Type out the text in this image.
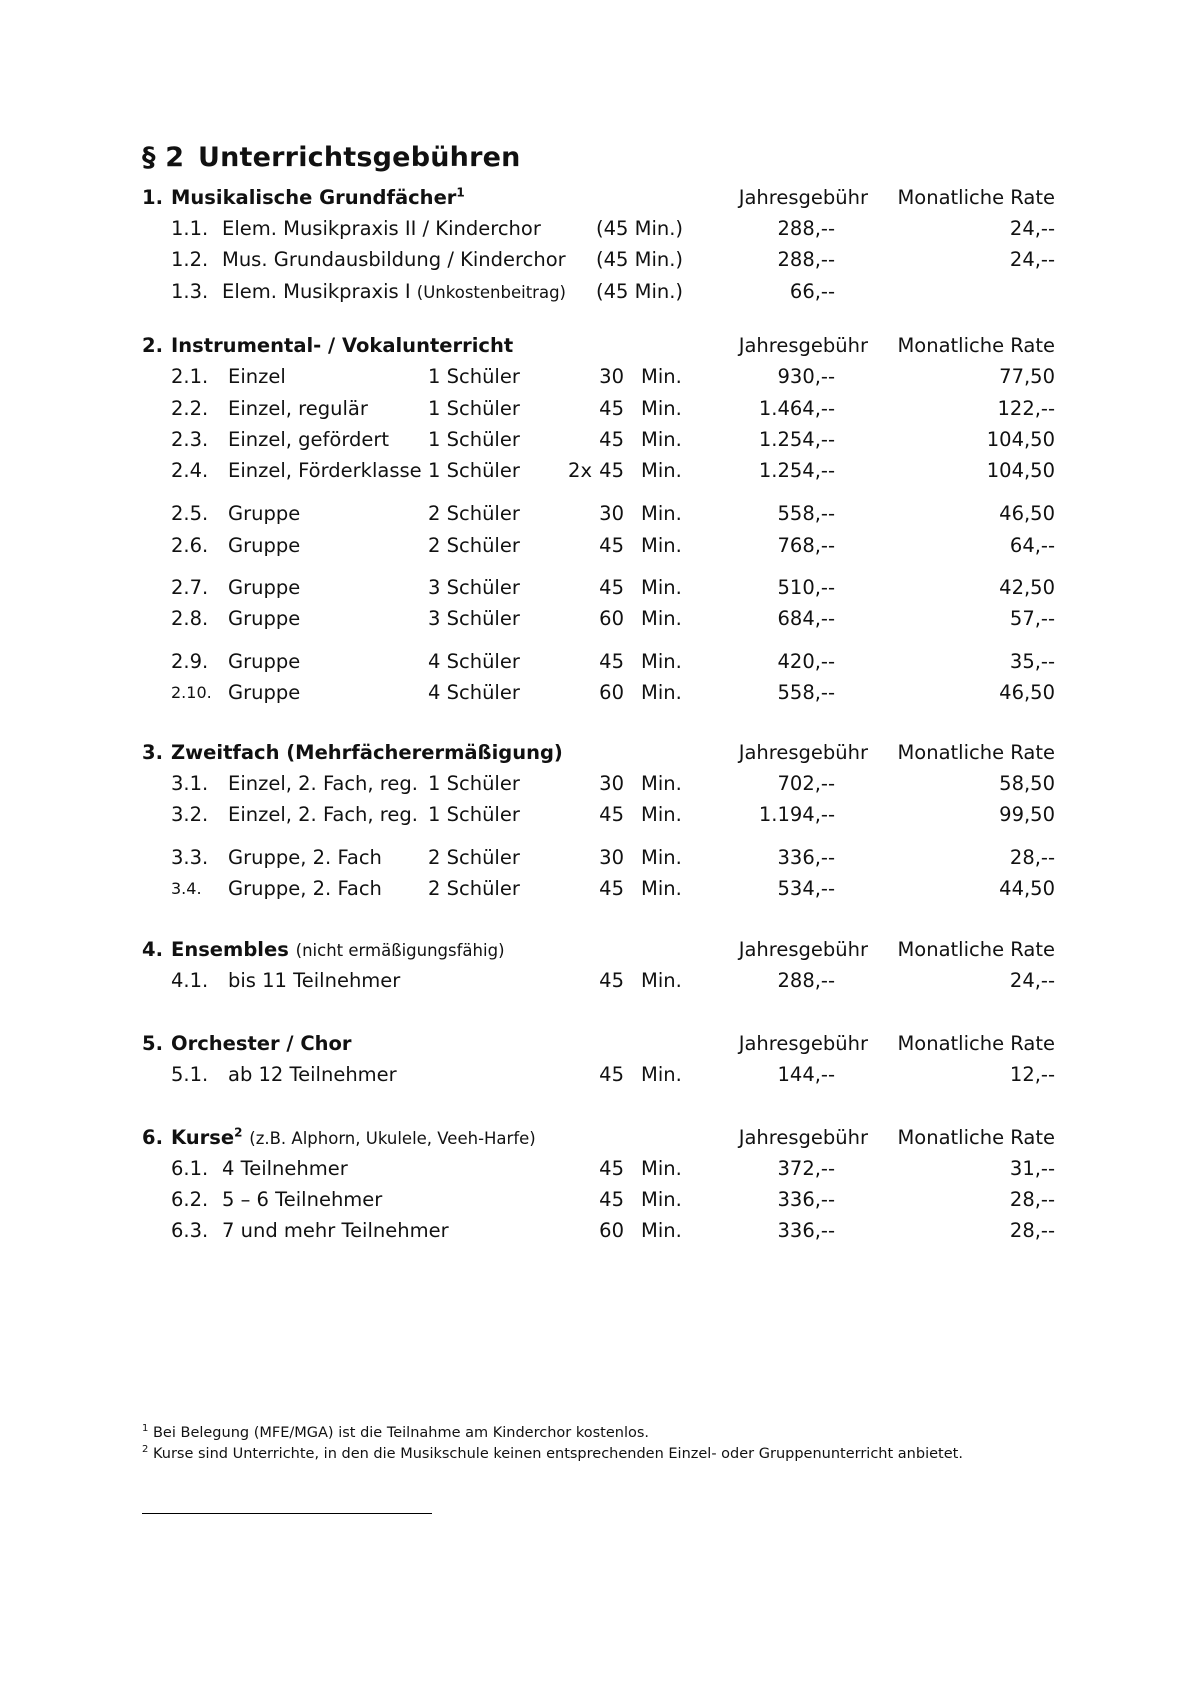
§ 2 Unterrichtsgebühren
1. Musikalische Grundfächer$^1$	Jahresgebühr	Monatliche Rate
1.1. Elem. Musikpraxis II / Kinderchor	(45 Min.)	288,--	24,--
1.2. Mus. Grundausbildung / Kinderchor (45 Min.)	288,--	24,--
1.3. Elem. Musikpraxis I (Unkostenbeitrag) (45 Min.)	66,--
2. Instrumental- / Vokalunterricht	Jahresgebühr	Monatliche Rate
2.1. Einzel	1 Schüler	30 Min.	930,--	77,50
2.2. Einzel, regulär	1 Schüler	45 Min.	1.464,--	122,--
2.3. Einzel, gefördert 1 Schüler	45 Min.	1.254,--	104,50
2.4. Einzel, Förderklasse 1 Schüler	2x 45 Min.	1.254,--	104,50
2.5. Gruppe	2 Schüler	30 Min.	558,--	46,50
2.6. Gruppe	2 Schüler	45 Min.	768,--	64,--
2.7. Gruppe	3 Schüler	45 Min.	510,--	42,50
2.8. Gruppe	3 Schüler	60 Min.	684,--	57,--
2.9. Gruppe	4 Schüler	45 Min.	420,--	35,--
2.10. Gruppe	4 Schüler	60 Min.	558,--	46,50
3. Zweitfach (Mehrfächerermäßigung)	Jahresgebühr	Monatliche Rate
3.1. Einzel, 2. Fach, reg. 1 Schüler	30 Min.	702,--	58,50
3.2. Einzel, 2. Fach, reg. 1 Schüler	45 Min.	1.194,--	99,50
3.3. Gruppe, 2. Fach 2 Schüler	30 Min.	336,--	28,--
3.4. Gruppe, 2. Fach 2 Schüler	45 Min.	534,--	44,50
4. Ensembles (nicht ermäßigungsfähig)	Jahresgebühr	Monatliche Rate
4.1. bis 11 Teilnehmer	45 Min.	288,--	24,--
5. Orchester / Chor	Jahresgebühr	Monatliche Rate
5.1. ab 12 Teilnehmer	45 Min.	144,--	12,--
6. Kurse$^2$ (z.B. Alphorn, Ukulele, Veeh-Harfe)	Jahresgebühr	Monatliche Rate
6.1. 4 Teilnehmer	45 Min.	372,--	31,--
6.2. 5 – 6 Teilnehmer	45 Min.	336,--	28,--
6.3. 7 und mehr Teilnehmer	60 Min.	336,--	28,--
$^1$ Bei Belegung (MFE/MGA) ist die Teilnahme am Kinderchor kostenlos.
$^2$ Kurse sind Unterrichte, in den die Musikschule keinen entsprechenden Einzel- oder Gruppenunterricht anbietet.
